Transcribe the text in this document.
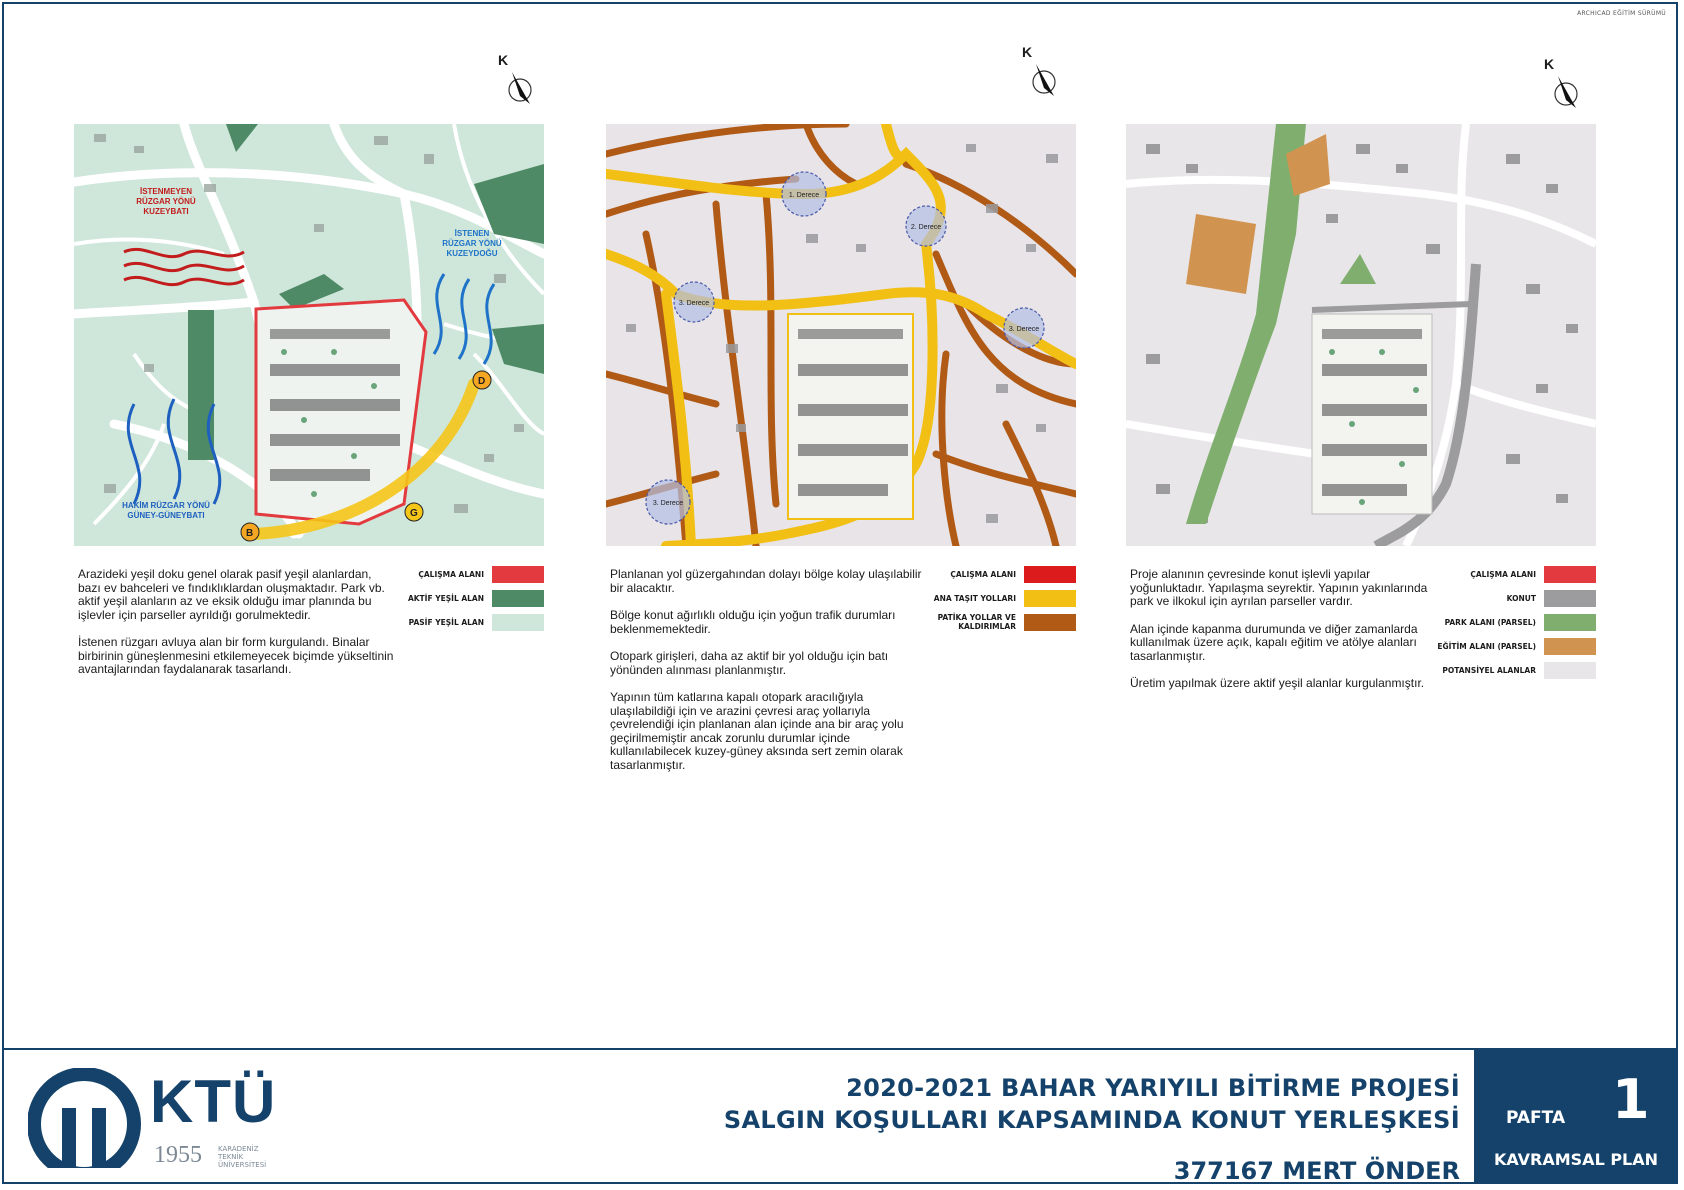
ARCHICAD EĞİTİM SÜRÜMÜ
K
D
G
B
İSTENMEYEN
RÜZGAR YÖNÜ
KUZEYBATI
İSTENEN
RÜZGAR YÖNÜ
KUZEYDOĞU
HAKİM RÜZGAR YÖNÜ
GÜNEY-GÜNEYBATI

Arazideki yeşil doku genel olarak pasif yeşil alanlardan, bazı ev bahceleri ve fındıklıklardan oluşmaktadır. Park vb. aktif yeşil alanların az ve eksik olduğu imar planında bu işlevler için parseller ayrıldığı gorulmektedir.

İstenen rüzgarı avluya alan bir form kurgulandı. Binalar birbirinin güneşlenmesini etkilemeyecek biçimde yükseltinin avantajlarından faydalanarak tasarlandı.

ÇALIŞMA ALANI
AKTİF YEŞİL ALAN
PASİF YEŞİL ALAN
K
1. Derece
2. Derece
3. Derece
3. Derece
3. Derece

Planlanan yol güzergahından dolayı bölge kolay ulaşılabilir bir alacaktır.

Bölge konut ağırlıklı olduğu için yoğun trafik durumları beklenmemektedir.

Otopark girişleri, daha az aktif bir yol olduğu için batı yönünden alınması planlanmıştır.

Yapının tüm katlarına kapalı otopark aracılığıyla ulaşılabildiği için ve arazini çevresi araç yollarıyla çevrelendiği için planlanan alan içinde ana bir araç yolu geçirilmemiştir ancak zorunlu durumlar içinde kullanılabilecek kuzey-güney aksında sert zemin olarak tasarlanmıştır.

ÇALIŞMA ALANI
ANA TAŞIT YOLLARI
PATİKA YOLLAR VE KALDIRIMLAR
K

Proje alanının çevresinde konut işlevli yapılar yoğunluktadır. Yapılaşma seyrektir. Yapının yakınlarında park ve ilkokul için ayrılan parseller vardır.

Alan içinde kapanma durumunda ve diğer zamanlarda kullanılmak üzere açık, kapalı eğitim ve atölye alanları tasarlanmıştır.

Üretim yapılmak üzere aktif yeşil alanlar kurgulanmıştır.

ÇALIŞMA ALANI
KONUT
PARK ALANI (PARSEL)
EĞİTİM ALANI (PARSEL)
POTANSİYEL ALANLAR
KTÜ
1955 KARADENİZ
TEKNİK ÜNİVERSİTESİ
2020-2021 BAHAR YARIYILI BİTİRME PROJESİ
SALGIN KOŞULLARI KAPSAMINDA KONUT YERLEŞKESİ
377167 MERT ÖNDER
PAFTA 1
KAVRAMSAL PLAN
